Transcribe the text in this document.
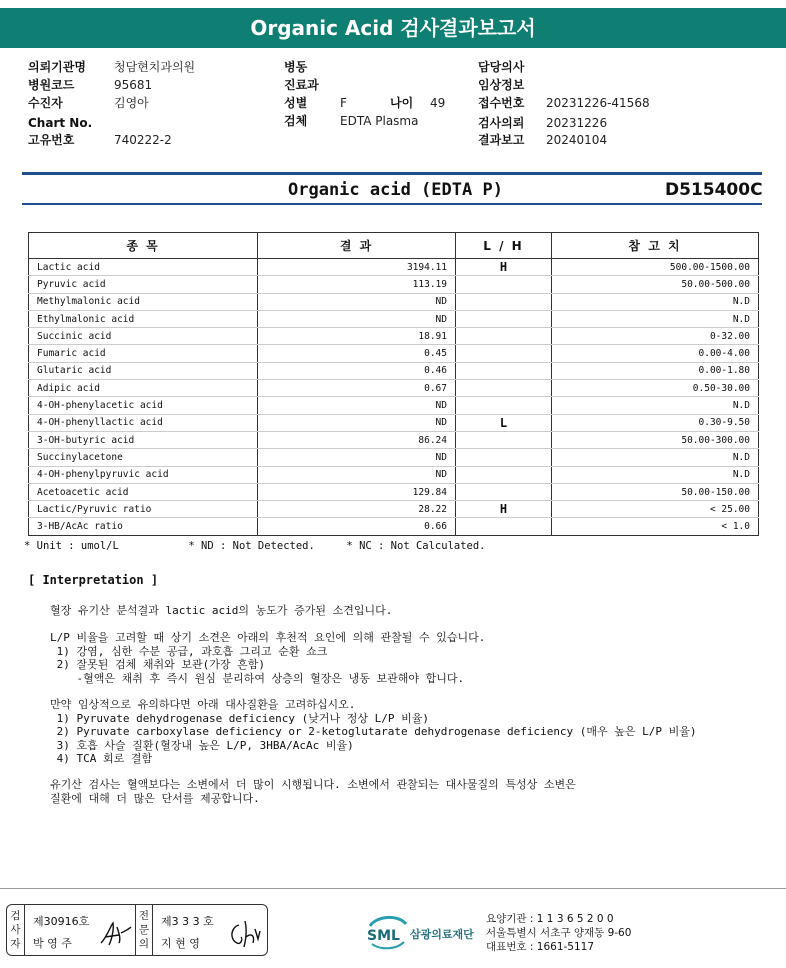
Organic Acid 검사결과보고서
의뢰기관명 청담현치과의원
병원코드	95681
수진자	김영아
Chart No.
고유번호	740222-2
병동
진료과
성별	F	나이 49
검체	EDTA Plasma
담당의사
임상정보
접수번호 20231226-41568
검사의뢰 20231226
결과보고 20240104
Organic acid (EDTA P)	D515400C
종 목	결 과	L / H	참 고 치
Lactic acid	3194.11	H	500.00-1500.00
Pyruvic acid	113.19		50.00-500.00
Methylmalonic acid	ND		N.D
Ethylmalonic acid	ND		N.D
Succinic acid	18.91		0-32.00
Fumaric acid	0.45		0.00-4.00
Glutaric acid	0.46		0.00-1.80
Adipic acid	0.67		0.50-30.00
4-OH-phenylacetic acid	ND		N.D
4-OH-phenyllactic acid	ND	L	0.30-9.50
3-OH-butyric acid	86.24		50.00-300.00
Succinylacetone	ND		N.D
4-OH-phenylpyruvic acid	ND		N.D
Acetoacetic acid	129.84		50.00-150.00
Lactic/Pyruvic ratio	28.22	H	< 25.00
3-HB/AcAc ratio	0.66		< 1.0
* Unit : umol/L	* ND : Not Detected.	* NC : Not Calculated.
[ Interpretation ]
혈장 유기산 분석결과 lactic acid의 농도가 증가된 소견입니다.
L/P 비율을 고려할 때 상기 소견은 아래의 후천적 요인에 의해 관찰될 수 있습니다.
1) 강염, 심한 수분 공급, 과호흡 그리고 순환 쇼크
2) 잘못된 검체 채취와 보관(가장 흔함)
-혈액은 채취 후 즉시 원심 분리하여 상층의 혈장은 냉동 보관해야 합니다.
만약 임상적으로 유의하다면 아래 대사질환을 고려하십시오.
1) Pyruvate dehydrogenase deficiency (낮거나 정상 L/P 비율)
2) Pyruvate carboxylase deficiency or 2-ketoglutarate dehydrogenase deficiency (매우 높은 L/P 비율)
3) 호흡 사슬 질환(혈장내 높은 L/P, 3HBA/AcAc 비율)
4) TCA 회로 결함
유기산 검사는 혈액보다는 소변에서 더 많이 시행됩니다. 소변에서 관찰되는 대사물질의 특성상 소변은
질환에 대해 더 많은 단서를 제공합니다.
검
사
자
제30916호
박 영 주
전
문
의
제3 3 3 호
지 현 영	SML 삼광의료재단
요양기관 : 1 1 3 6 5 2 0 0
서울특별시 서초구 양재동 9-60
대표번호 : 1661-5117
